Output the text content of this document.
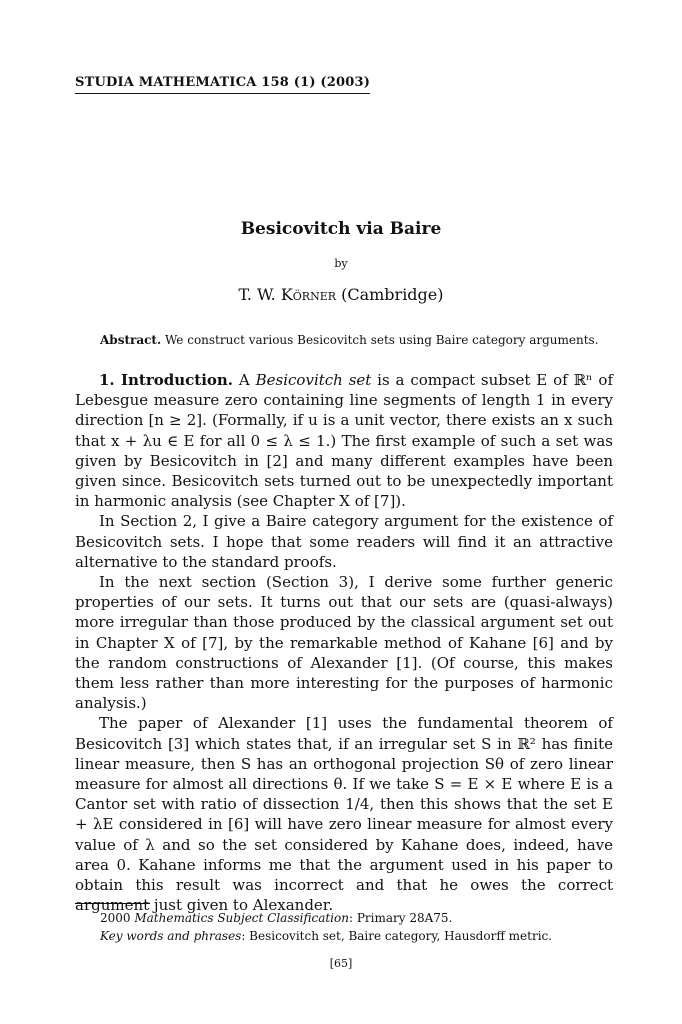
STUDIA MATHEMATICA 158 (1) (2003)
Besicovitch via Baire
by
T. W. Körner (Cambridge)
Abstract. We construct various Besicovitch sets using Baire category arguments.

1. Introduction. A Besicovitch set is a compact subset E of ℝⁿ of Lebesgue measure zero containing line segments of length 1 in every direction [n ≥ 2]. (Formally, if u is a unit vector, there exists an x such that x + λu ∈ E for all 0 ≤ λ ≤ 1.) The first example of such a set was given by Besicovitch in [2] and many different examples have been given since. Besicovitch sets turned out to be unexpectedly important in harmonic analysis (see Chapter X of [7]).

In Section 2, I give a Baire category argument for the existence of Besicovitch sets. I hope that some readers will find it an attractive alternative to the standard proofs.

In the next section (Section 3), I derive some further generic properties of our sets. It turns out that our sets are (quasi-always) more irregular than those produced by the classical argument set out in Chapter X of [7], by the remarkable method of Kahane [6] and by the random constructions of Alexander [1]. (Of course, this makes them less rather than more interesting for the purposes of harmonic analysis.)

The paper of Alexander [1] uses the fundamental theorem of Besicovitch [3] which states that, if an irregular set S in ℝ² has finite linear measure, then S has an orthogonal projection Sθ of zero linear measure for almost all directions θ. If we take S = E × E where E is a Cantor set with ratio of dissection 1/4, then this shows that the set E + λE considered in [6] will have zero linear measure for almost every value of λ and so the set considered by Kahane does, indeed, have area 0. Kahane informs me that the argument used in his paper to obtain this result was incorrect and that he owes the correct argument just given to Alexander.

2000 Mathematics Subject Classification: Primary 28A75.
Key words and phrases: Besicovitch set, Baire category, Hausdorff metric.
[65]
